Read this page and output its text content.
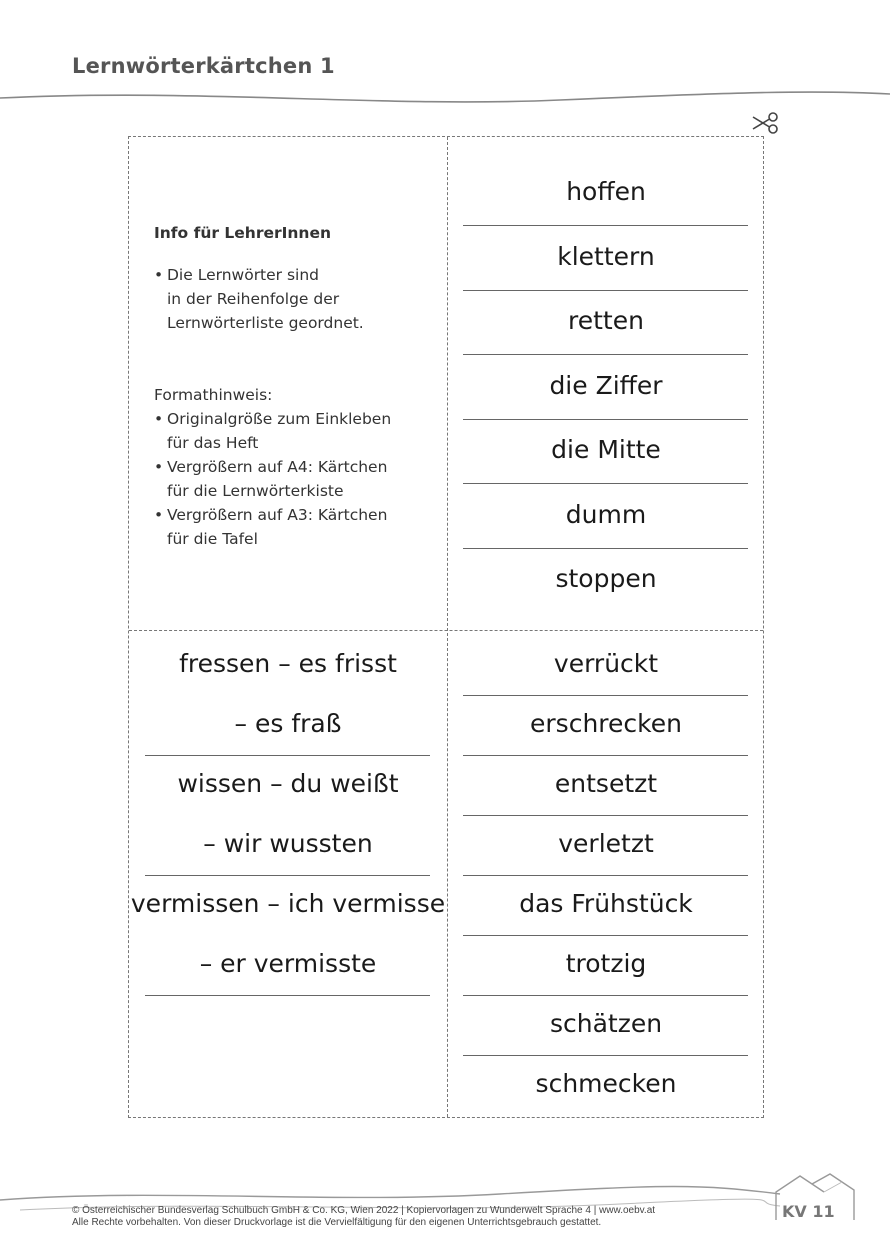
Lernwörterkärtchen 1
Info für LehrerInnen
• Die Lernwörter sind
in der Reihenfolge der
Lernwörterliste geordnet.
Formathinweis:
• Originalgröße zum Einkleben
für das Heft
• Vergrößern auf A4: Kärtchen
für die Lernwörterkiste
• Vergrößern auf A3: Kärtchen
für die Tafel
hoffen
klettern
retten
die Ziffer
die Mitte
dumm
stoppen
fressen – es frisst
– es fraß
wissen – du weißt
– wir wussten
vermissen – ich vermisse
– er vermisste
verrückt
erschrecken
entsetzt
verletzt
das Frühstück
trotzig
schätzen
schmecken
KV 11
© Österreichischer Bundesverlag Schulbuch GmbH & Co. KG, Wien 2022 | Kopiervorlagen zu Wunderwelt Sprache 4 | www.oebv.at
Alle Rechte vorbehalten. Von dieser Druckvorlage ist die Vervielfältigung für den eigenen Unterrichtsgebrauch gestattet.
